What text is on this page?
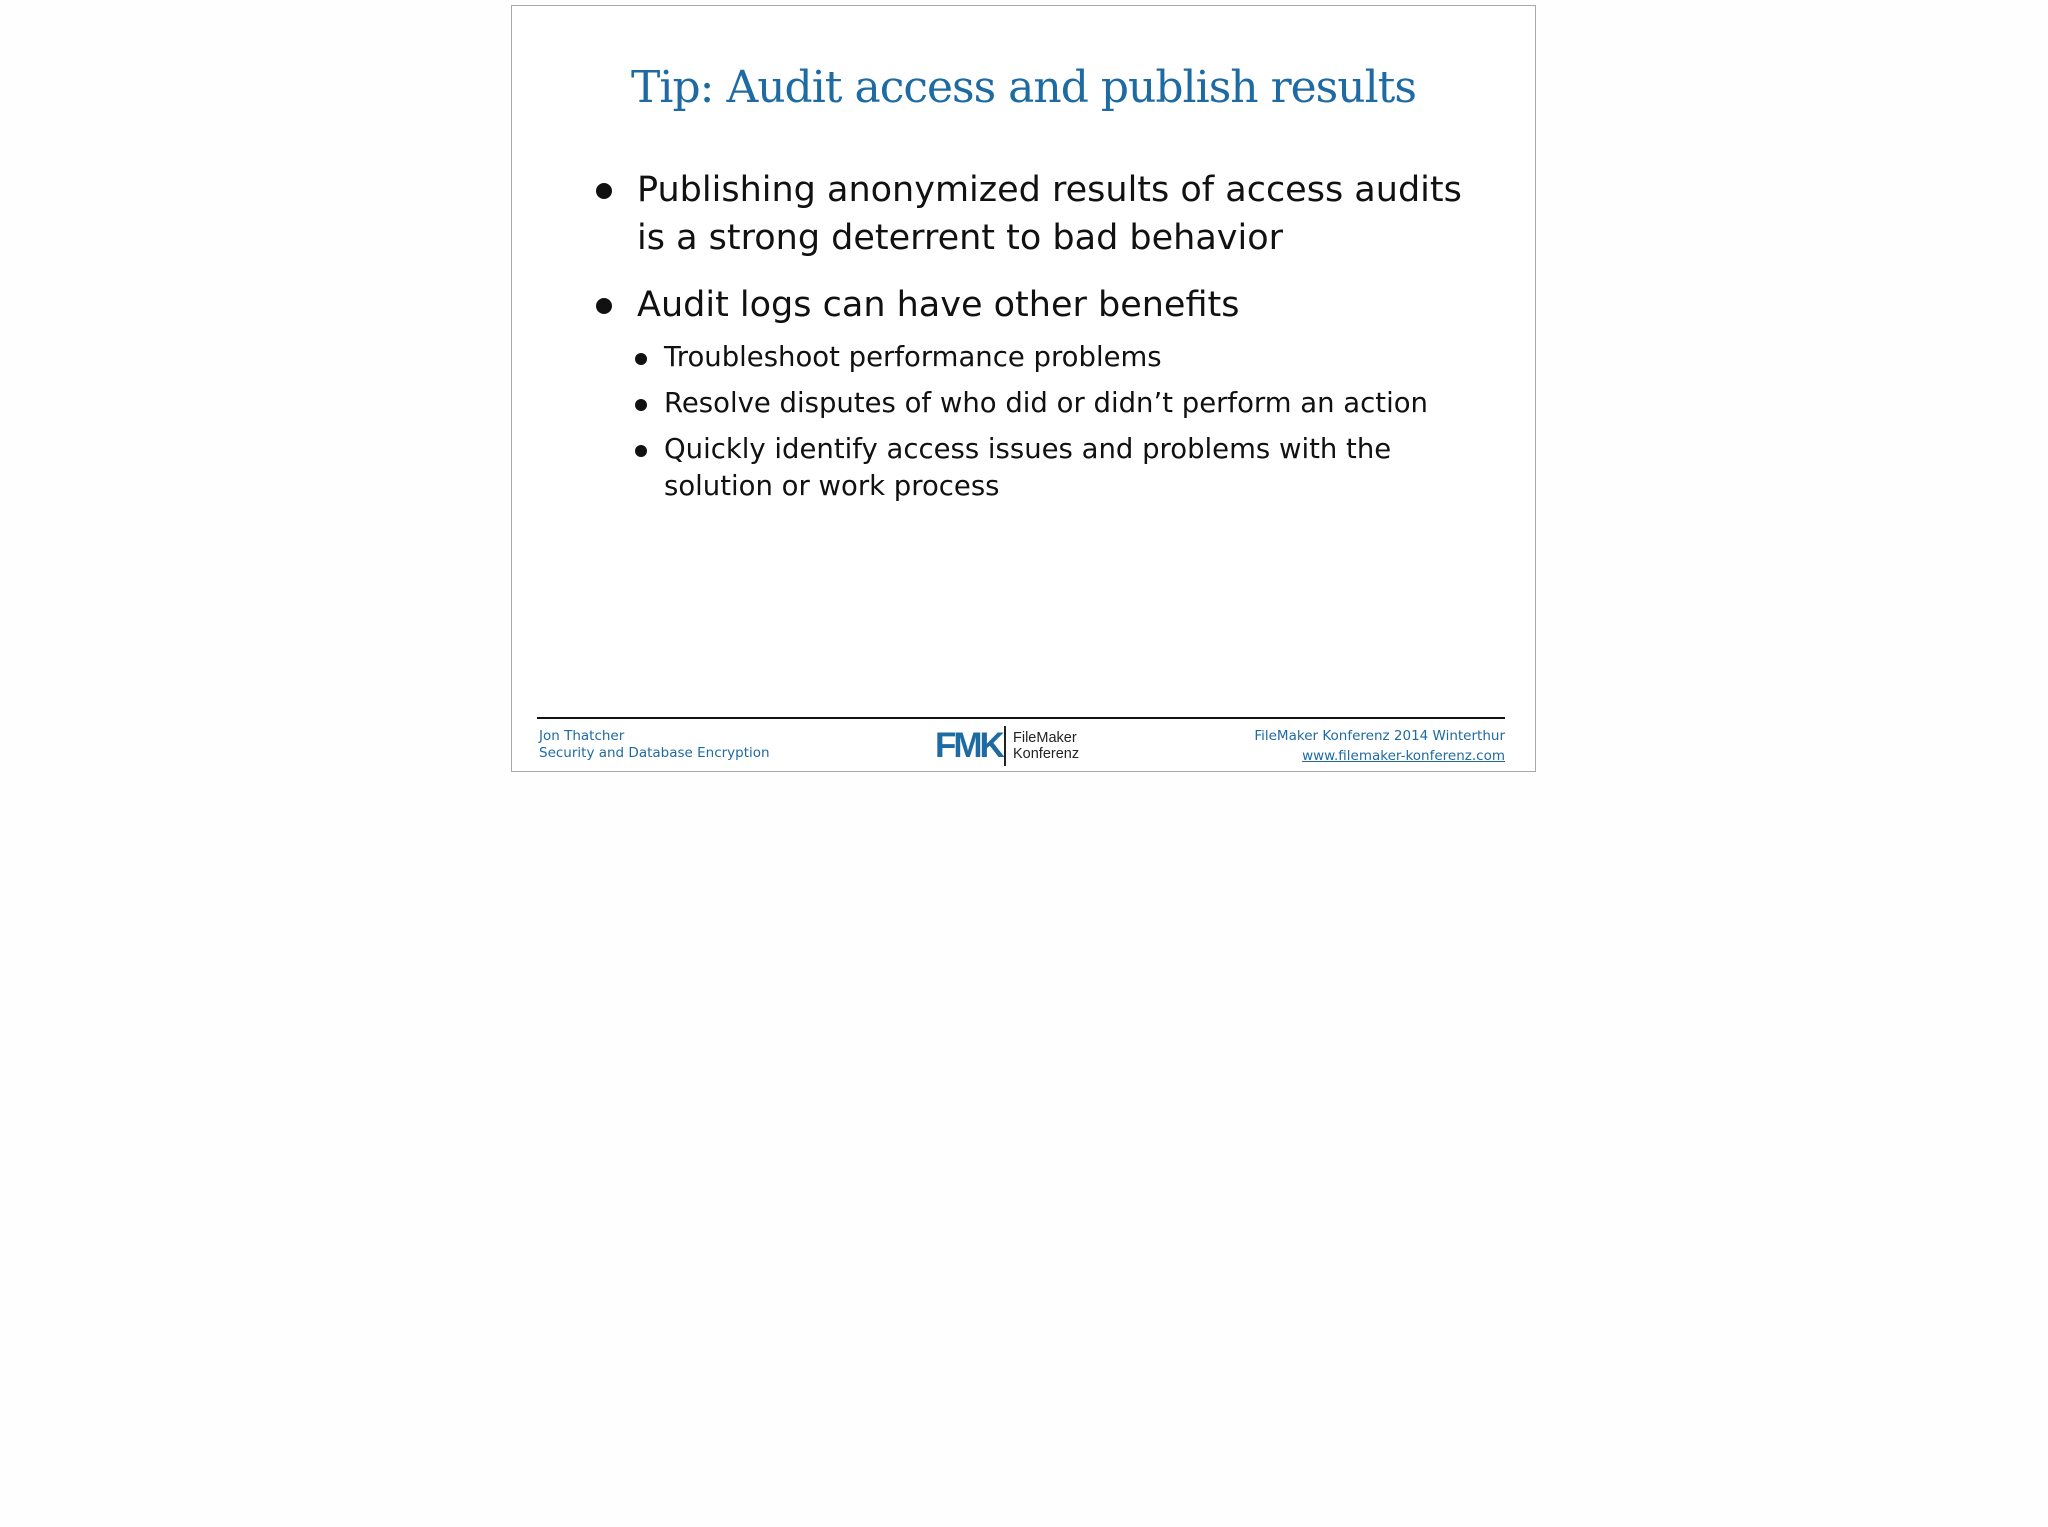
Tip: Audit access and publish results
Publishing anonymized results of access audits
is a strong deterrent to bad behavior
Audit logs can have other benefits
Troubleshoot performance problems
Resolve disputes of who did or didn’t perform an action
Quickly identify access issues and problems with the
solution or work process
Jon Thatcher
Security and Database Encryption	FMK FileMaker
Konferenz
FileMaker Konferenz 2014 Winterthur
www.filemaker-konferenz.com
